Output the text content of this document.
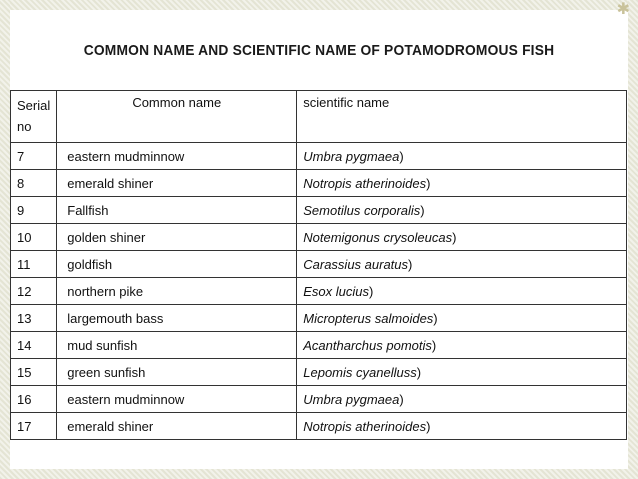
✱
COMMON NAME AND SCIENTIFIC NAME OF POTAMODROMOUS FISH
Serial no	Common name	scientific name
7	eastern mudminnow	Umbra pygmaea)
8	emerald shiner	Notropis atherinoides)
9	Fallfish	Semotilus corporalis)
10	golden shiner	Notemigonus crysoleucas)
11	goldfish	Carassius auratus)
12	northern pike	Esox lucius)
13	largemouth bass	Micropterus salmoides)
14	mud sunfish	Acantharchus pomotis)
15	green sunfish	Lepomis cyanelluss)
16	eastern mudminnow	Umbra pygmaea)
17	emerald shiner	Notropis atherinoides)
